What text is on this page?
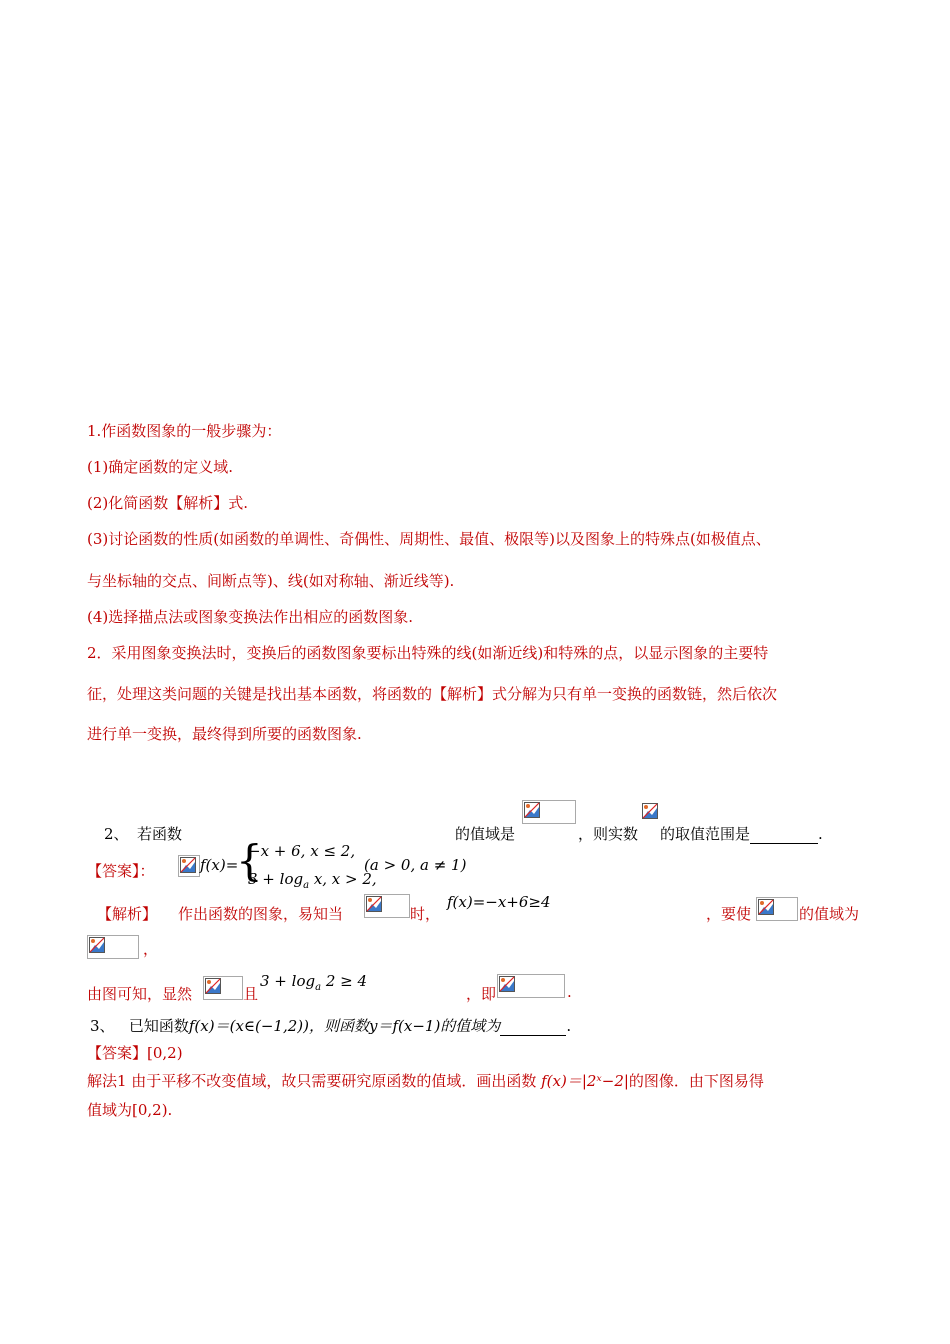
1.作函数图象的一般步骤为：
(1)确定函数的定义域.
(2)化简函数【解析】式.
(3)讨论函数的性质(如函数的单调性、奇偶性、周期性、最值、极限等)以及图象上的特殊点(如极值点、
与坐标轴的交点、间断点等)、线(如对称轴、渐近线等).
(4)选择描点法或图象变换法作出相应的函数图象.
2．采用图象变换法时，变换后的函数图象要标出特殊的线(如渐近线)和特殊的点，以显示图象的主要特
征，处理这类问题的关键是找出基本函数，将函数的【解析】式分解为只有单一变换的函数链，然后依次
进行单一变换，最终得到所要的函数图象.
2、 若函数	的值域是	，则实数 的取值范围是	.
【答案】：	f(x)=
{
−x + 6, x ≤ 2,
$3 + \log_a x$, x > 2,
(a > 0, a ≠ 1)
【解析】 作出函数的图象，易知当	时，
f(x)=−x+6≥4
，要使	的值域为
，
由图可知，显然	且
$3 + \log_a 2 \ge 4$
，即	.
3、 已知函数f(x)＝(x∈(−1,2))，则函数y＝f(x−1)的值域为	.
【答案】[0,2)
解法1 由于平移不改变值域，故只需要研究原函数的值域．画出函数 f(x)＝|2ˣ−2|的图像．由下图易得
值域为[0,2).
